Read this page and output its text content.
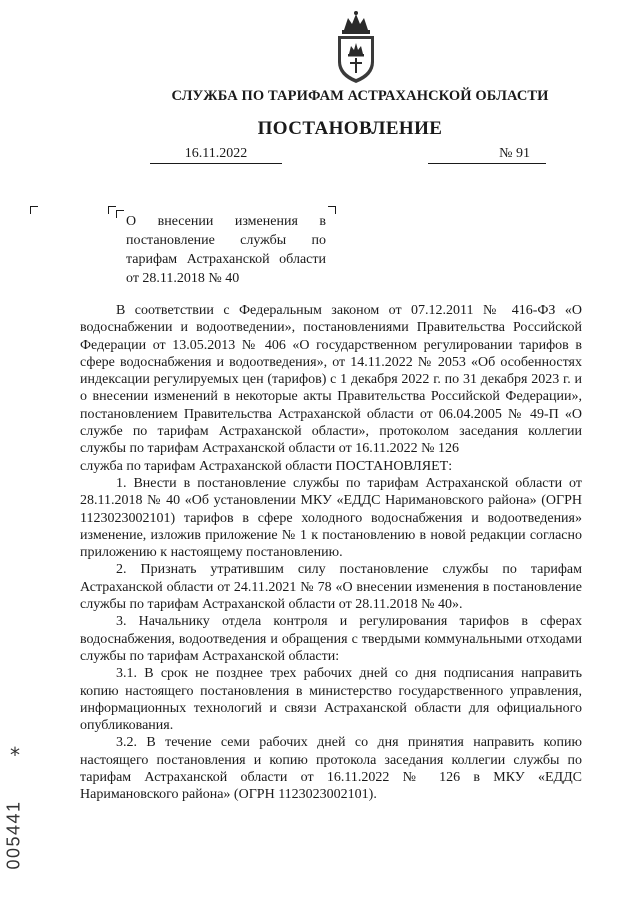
СЛУЖБА ПО ТАРИФАМ АСТРАХАНСКОЙ ОБЛАСТИ
ПОСТАНОВЛЕНИЕ
16.11.2022	№ 91
О внесении изменения в постановление службы по тарифам Астраханской области от 28.11.2018 № 40

В соответствии с Федеральным законом от 07.12.2011 № 416-ФЗ «О водоснабжении и водоотведении», постановлениями Правительства Российской Федерации от 13.05.2013 № 406 «О государственном регулировании тарифов в сфере водоснабжения и водоотведения», от 14.11.2022 № 2053 «Об особенностях индексации регулируемых цен (тарифов) с 1 декабря 2022 г. по 31 декабря 2023 г. и о внесении изменений в некоторые акты Правительства Российской Федерации», постановлением Правительства Астраханской области от 06.04.2005 № 49-П «О службе по тарифам Астраханской области», протоколом заседания коллегии службы по тарифам Астраханской области от 16.11.2022 № 126

служба по тарифам Астраханской области ПОСТАНОВЛЯЕТ:

1. Внести в постановление службы по тарифам Астраханской области от 28.11.2018 № 40 «Об установлении МКУ «ЕДДС Наримановского района» (ОГРН 1123023002101) тарифов в сфере холодного водоснабжения и водоотведения» изменение, изложив приложение № 1 к постановлению в новой редакции согласно приложению к настоящему постановлению.

2. Признать утратившим силу постановление службы по тарифам Астраханской области от 24.11.2021 № 78 «О внесении изменения в постановление службы по тарифам Астраханской области от 28.11.2018 № 40».

3. Начальнику отдела контроля и регулирования тарифов в сферах водоснабжения, водоотведения и обращения с твердыми коммунальными отходами службы по тарифам Астраханской области:

3.1. В срок не позднее трех рабочих дней со дня подписания направить копию настоящего постановления в министерство государственного управления, информационных технологий и связи Астраханской области для официального опубликования.

3.2. В течение семи рабочих дней со дня принятия направить копию настоящего постановления и копию протокола заседания коллегии службы по тарифам Астраханской области от 16.11.2022 № 126 в МКУ «ЕДДС Наримановского района» (ОГРН 1123023002101).

*
005441
